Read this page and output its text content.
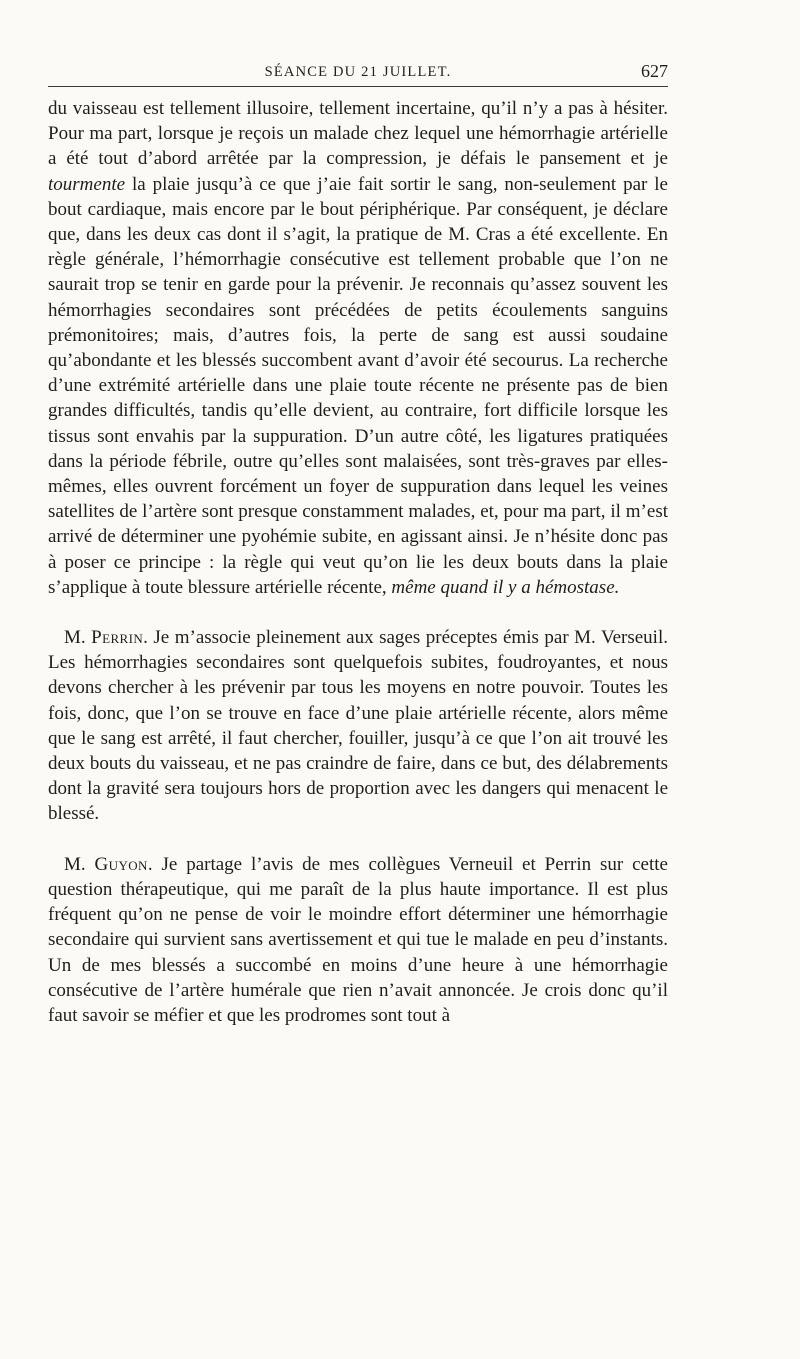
SÉANCE DU 21 JUILLET.	627

du vaisseau est tellement illusoire, tellement incertaine, qu’il n’y a pas à hésiter. Pour ma part, lorsque je reçois un malade chez lequel une hémorrhagie artérielle a été tout d’abord arrêtée par la compression, je défais le pansement et je tourmente la plaie jusqu’à ce que j’aie fait sortir le sang, non-seulement par le bout cardiaque, mais encore par le bout périphérique. Par conséquent, je déclare que, dans les deux cas dont il s’agit, la pratique de M. Cras a été excellente. En règle générale, l’hémorrhagie consécutive est tellement probable que l’on ne saurait trop se tenir en garde pour la prévenir. Je reconnais qu’assez souvent les hémorrhagies secondaires sont précédées de petits écoulements sanguins prémonitoires; mais, d’autres fois, la perte de sang est aussi soudaine qu’abondante et les blessés succombent avant d’avoir été secourus. La recherche d’une extrémité artérielle dans une plaie toute récente ne présente pas de bien grandes difficultés, tandis qu’elle devient, au contraire, fort difficile lorsque les tissus sont envahis par la suppuration. D’un autre côté, les ligatures pratiquées dans la période fébrile, outre qu’elles sont malaisées, sont très-graves par elles-mêmes, elles ouvrent forcément un foyer de suppuration dans lequel les veines satellites de l’artère sont presque constamment malades, et, pour ma part, il m’est arrivé de déterminer une pyohémie subite, en agissant ainsi. Je n’hésite donc pas à poser ce principe : la règle qui veut qu’on lie les deux bouts dans la plaie s’applique à toute blessure artérielle récente, même quand il y a hémostase.

M. Perrin. Je m’associe pleinement aux sages préceptes émis par M. Verseuil. Les hémorrhagies secondaires sont quelquefois subites, foudroyantes, et nous devons chercher à les prévenir par tous les moyens en notre pouvoir. Toutes les fois, donc, que l’on se trouve en face d’une plaie artérielle récente, alors même que le sang est arrêté, il faut chercher, fouiller, jusqu’à ce que l’on ait trouvé les deux bouts du vaisseau, et ne pas craindre de faire, dans ce but, des délabrements dont la gravité sera toujours hors de proportion avec les dangers qui menacent le blessé.

M. Guyon. Je partage l’avis de mes collègues Verneuil et Perrin sur cette question thérapeutique, qui me paraît de la plus haute importance. Il est plus fréquent qu’on ne pense de voir le moindre effort déterminer une hémorrhagie secondaire qui survient sans avertissement et qui tue le malade en peu d’instants. Un de mes blessés a succombé en moins d’une heure à une hémorrhagie consécutive de l’artère humérale que rien n’avait annoncée. Je crois donc qu’il faut savoir se méfier et que les prodromes sont tout à
